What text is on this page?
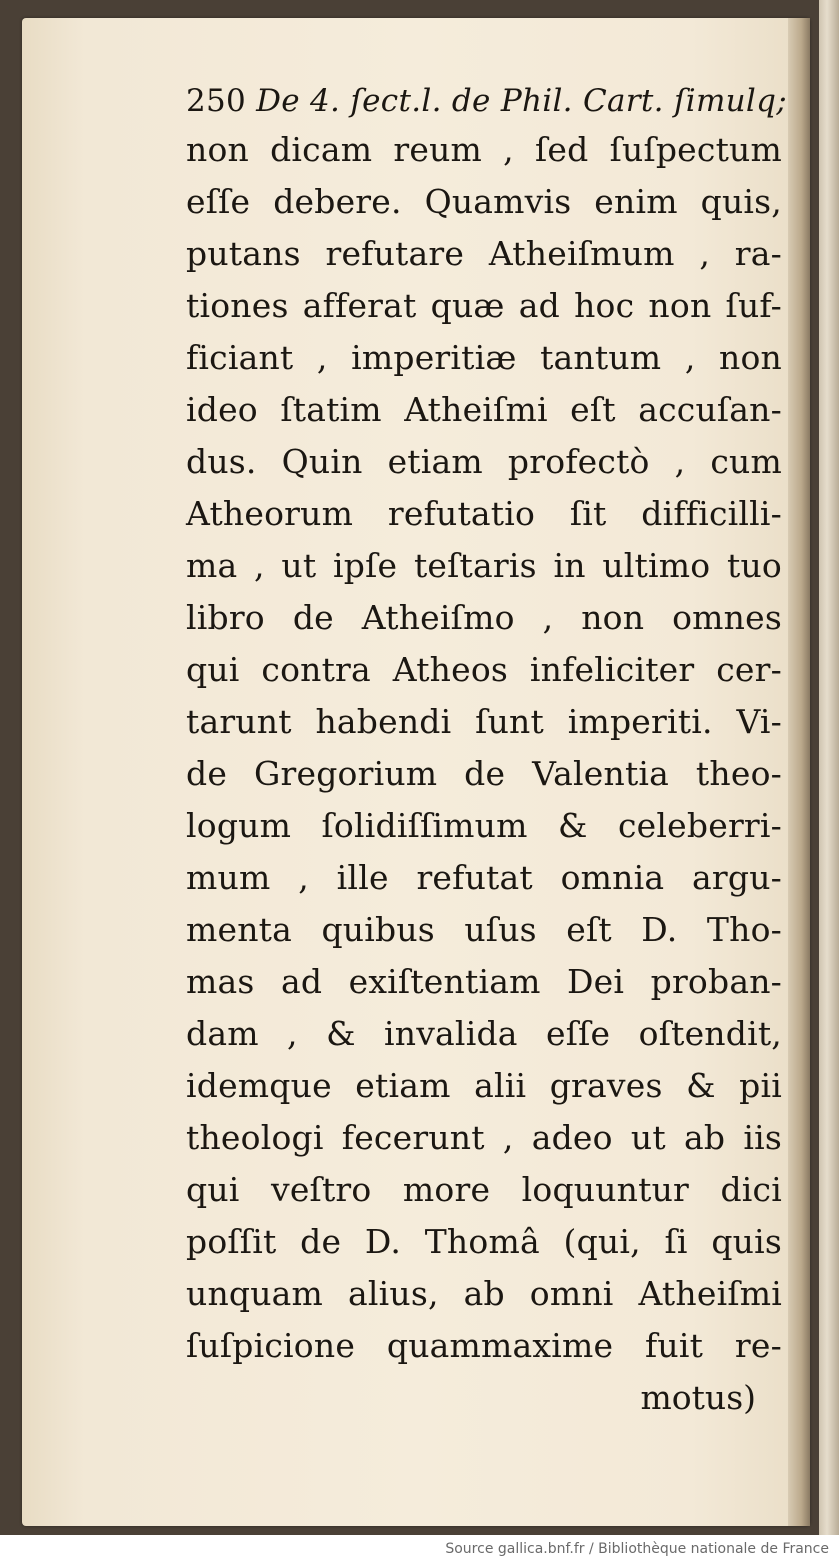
250 De 4. ſect.l. de Phil. Cart. ſimulq;
non dicam reum , ſed ſuſpectum
eſſe debere. Quamvis enim quis,
putans refutare Atheiſmum , ra-
tiones afferat quæ ad hoc non ſuf-
ficiant , imperitiæ tantum , non
ideo ſtatim Atheiſmi eſt accuſan-
dus. Quin etiam profectò , cum
Atheorum refutatio ſit difficilli-
ma , ut ipſe teſtaris in ultimo tuo
libro de Atheiſmo , non omnes
qui contra Atheos infeliciter cer-
tarunt habendi ſunt imperiti. Vi-
de Gregorium de Valentia theo-
logum ſolidiſſimum & celeberri-
mum , ille refutat omnia argu-
menta quibus uſus eſt D. Tho-
mas ad exiſtentiam Dei proban-
dam , & invalida eſſe oſtendit,
idemque etiam alii graves & pii
theologi fecerunt , adeo ut ab iis
qui veſtro more loquuntur dici
poſſit de D. Thomâ (qui, ſi quis
unquam alius, ab omni Atheiſmi
ſuſpicione quammaxime fuit re-
motus)
Source gallica.bnf.fr / Bibliothèque nationale de France
